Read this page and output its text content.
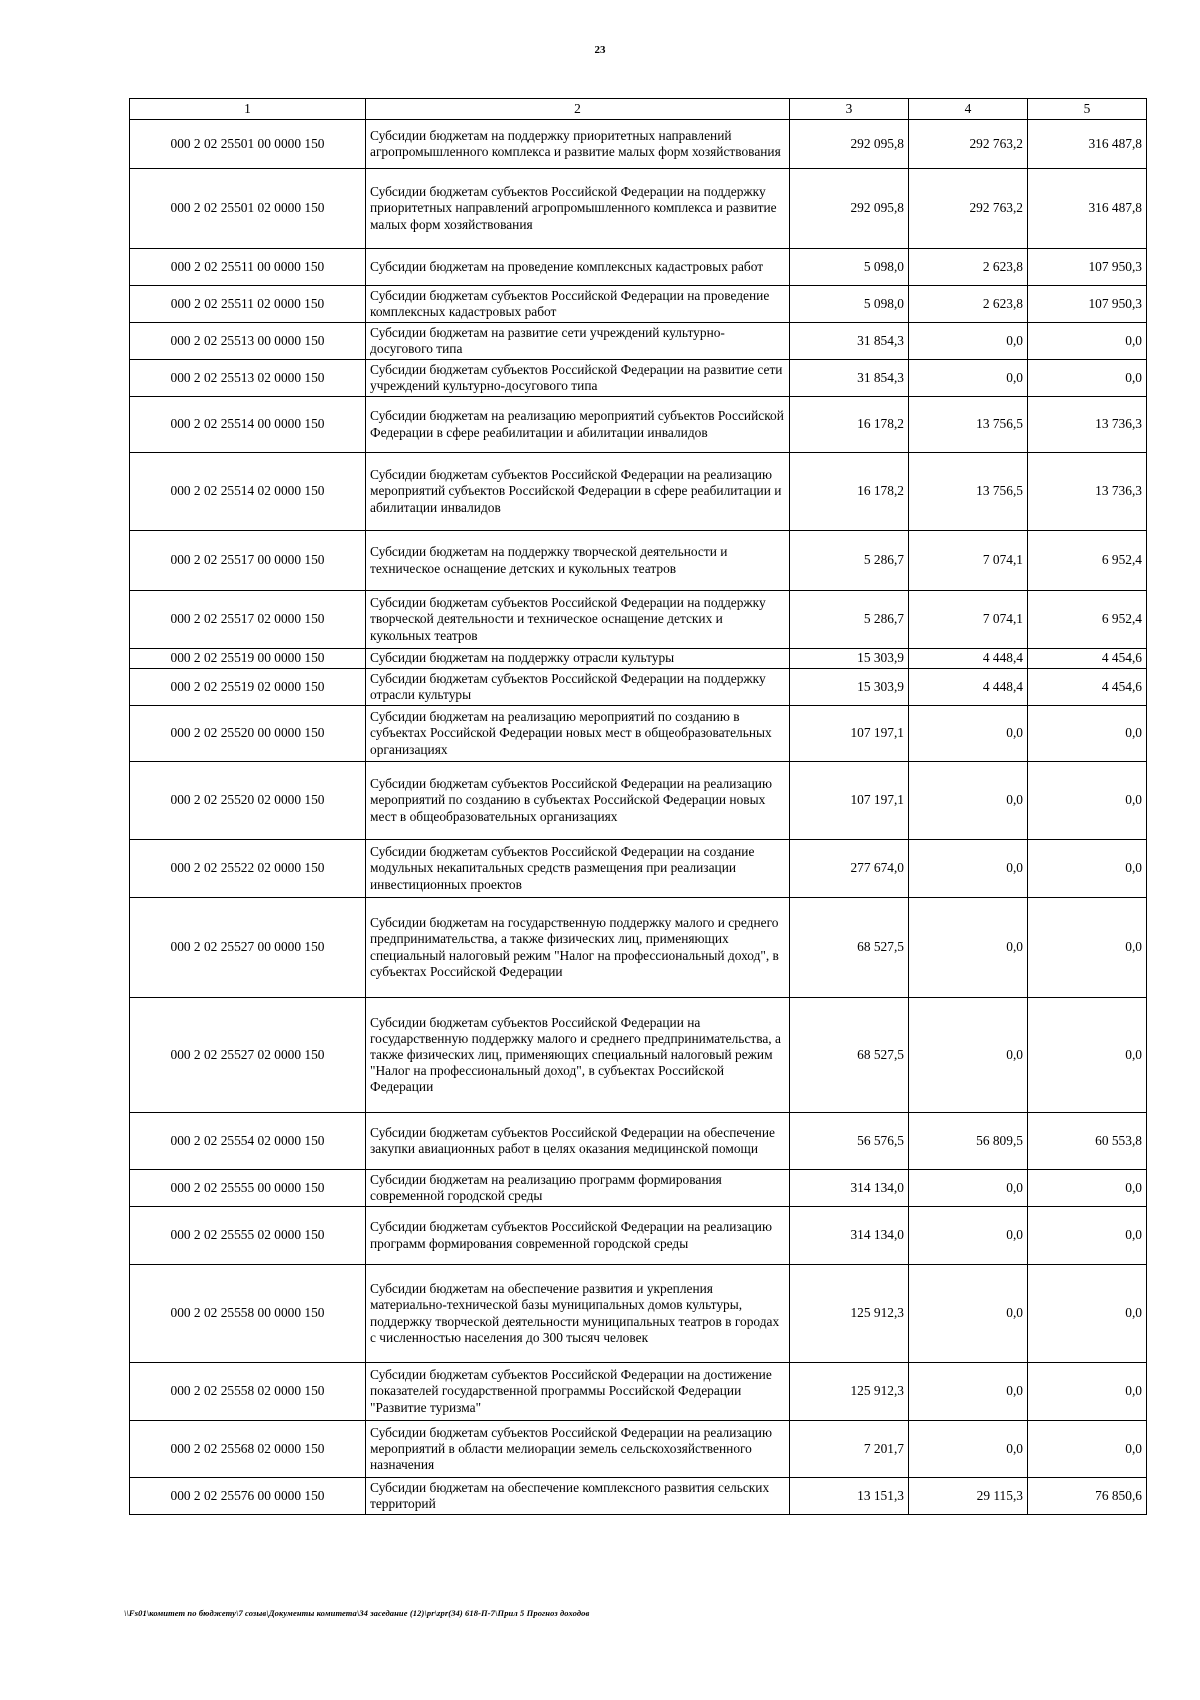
23
1	2	3	4	5
000 2 02 25501 00 0000 150	Субсидии бюджетам на поддержку приоритетных направлений агропромышленного комплекса и развитие малых форм хозяйствования	292 095,8	292 763,2	316 487,8
000 2 02 25501 02 0000 150	Субсидии бюджетам субъектов Российской Федерации на поддержку приоритетных направлений агропромышленного комплекса и развитие малых форм хозяйствования	292 095,8	292 763,2	316 487,8
000 2 02 25511 00 0000 150	Субсидии бюджетам на проведение комплексных кадастровых работ	5 098,0	2 623,8	107 950,3
000 2 02 25511 02 0000 150	Субсидии бюджетам субъектов Российской Федерации на проведение комплексных кадастровых работ	5 098,0	2 623,8	107 950,3
000 2 02 25513 00 0000 150	Субсидии бюджетам на развитие сети учреждений культурно-досугового типа	31 854,3	0,0	0,0
000 2 02 25513 02 0000 150	Субсидии бюджетам субъектов Российской Федерации на развитие сети учреждений культурно-досугового типа	31 854,3	0,0	0,0
000 2 02 25514 00 0000 150	Субсидии бюджетам на реализацию мероприятий субъектов Российской Федерации в сфере реабилитации и абилитации инвалидов	16 178,2	13 756,5	13 736,3
000 2 02 25514 02 0000 150	Субсидии бюджетам субъектов Российской Федерации на реализацию мероприятий субъектов Российской Федерации в сфере реабилитации и абилитации инвалидов	16 178,2	13 756,5	13 736,3
000 2 02 25517 00 0000 150	Субсидии бюджетам на поддержку творческой деятельности и техническое оснащение детских и кукольных театров	5 286,7	7 074,1	6 952,4
000 2 02 25517 02 0000 150	Субсидии бюджетам субъектов Российской Федерации на поддержку творческой деятельности и техническое оснащение детских и кукольных театров	5 286,7	7 074,1	6 952,4
000 2 02 25519 00 0000 150	Субсидии бюджетам на поддержку отрасли культуры	15 303,9	4 448,4	4 454,6
000 2 02 25519 02 0000 150	Субсидии бюджетам субъектов Российской Федерации на поддержку отрасли культуры	15 303,9	4 448,4	4 454,6
000 2 02 25520 00 0000 150	Субсидии бюджетам на реализацию мероприятий по созданию в субъектах Российской Федерации новых мест в общеобразовательных организациях	107 197,1	0,0	0,0
000 2 02 25520 02 0000 150	Субсидии бюджетам субъектов Российской Федерации на реализацию мероприятий по созданию в субъектах Российской Федерации новых мест в общеобразовательных организациях	107 197,1	0,0	0,0
000 2 02 25522 02 0000 150	Субсидии бюджетам субъектов Российской Федерации на создание модульных некапитальных средств размещения при реализации инвестиционных проектов	277 674,0	0,0	0,0
000 2 02 25527 00 0000 150	Субсидии бюджетам на государственную поддержку малого и среднего предпринимательства, а также физических лиц, применяющих специальный налоговый режим "Налог на профессиональный доход", в субъектах Российской Федерации	68 527,5	0,0	0,0
000 2 02 25527 02 0000 150	Субсидии бюджетам субъектов Российской Федерации на государственную поддержку малого и среднего предпринимательства, а также физических лиц, применяющих специальный налоговый режим "Налог на профессиональный доход", в субъектах Российской Федерации	68 527,5	0,0	0,0
000 2 02 25554 02 0000 150	Субсидии бюджетам субъектов Российской Федерации на обеспечение закупки авиационных работ в целях оказания медицинской помощи	56 576,5	56 809,5	60 553,8
000 2 02 25555 00 0000 150	Субсидии бюджетам на реализацию программ формирования современной городской среды	314 134,0	0,0	0,0
000 2 02 25555 02 0000 150	Субсидии бюджетам субъектов Российской Федерации на реализацию программ формирования современной городской среды	314 134,0	0,0	0,0
000 2 02 25558 00 0000 150	Субсидии бюджетам на обеспечение развития и укрепления материально-технической базы муниципальных домов культуры, поддержку творческой деятельности муниципальных театров в городах с численностью населения до 300 тысяч человек	125 912,3	0,0	0,0
000 2 02 25558 02 0000 150	Субсидии бюджетам субъектов Российской Федерации на достижение показателей государственной программы Российской Федерации "Развитие туризма"	125 912,3	0,0	0,0
000 2 02 25568 02 0000 150	Субсидии бюджетам субъектов Российской Федерации на реализацию мероприятий в области мелиорации земель сельскохозяйственного назначения	7 201,7	0,0	0,0
000 2 02 25576 00 0000 150	Субсидии бюджетам на обеспечение комплексного развития сельских территорий	13 151,3	29 115,3	76 850,6
\\Fs01\комитет по бюджету\7 созыв\Документы комитета\34 заседание (12)\pr\zpr(34) 618-П-7\Прил 5 Прогноз доходов
